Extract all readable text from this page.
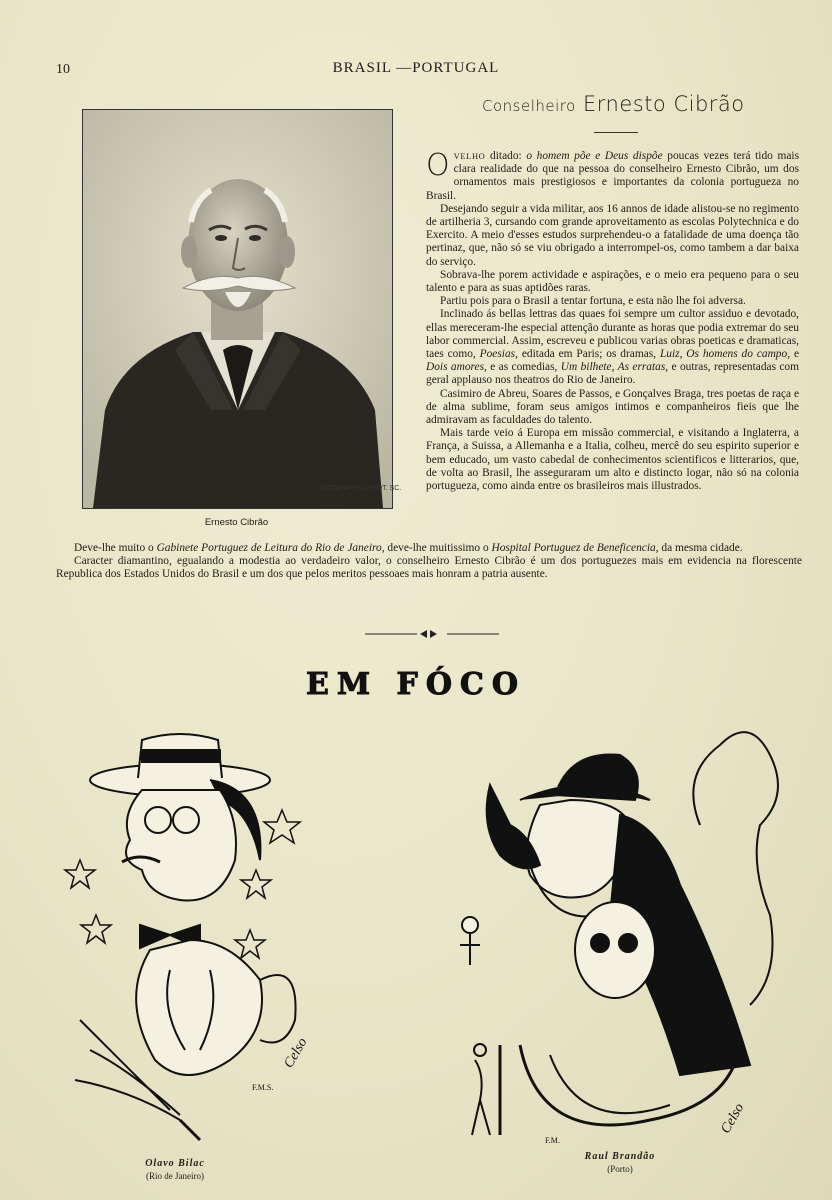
10	BRASIL —PORTUGAL
Conselheiro Ernesto Cibrão
MITTAPAPPIO PHOT. SC.
Ernesto Cibrão

OVELHO ditado: o homem põe e Deus dispõe poucas vezes terá tido mais clara realidade do que na pessoa do conselheiro Ernesto Cibrão, um dos ornamentos mais prestigiosos e importantes da colonia portugueza no Brasil.

Desejando seguir a vida militar, aos 16 annos de idade alistou-se no regimento de artilheria 3, cursando com grande aproveitamento as escolas Polytechnica e do Exercito. A meio d'esses estudos surprehendeu-o a fatalidade de uma doença tão pertinaz, que, não só se viu obrigado a interrompel-os, como tambem a dar baixa do serviço.

Sobrava-lhe porem actividade e aspirações, e o meio era pequeno para o seu talento e para as suas aptidões raras.

Partiu pois para o Brasil a tentar fortuna, e esta não lhe foi adversa.

Inclinado ás bellas lettras das quaes foi sempre um cultor assiduo e devotado, ellas mereceram-lhe especial attenção durante as horas que podia extremar do seu labor commercial. Assim, escreveu e publicou varias obras poeticas e dramaticas, taes como, Poesias, editada em Paris; os dramas, Luiz, Os homens do campo, e Dois amores, e as comedias, Um bilhete, As erratas, e outras, representadas com geral applauso nos theatros do Rio de Janeiro.

Casimiro de Abreu, Soares de Passos, e Gonçalves Braga, tres poetas de raça e de alma sublime, foram seus amigos intimos e companheiros fieis que lhe admiravam as faculdades do talento.

Mais tarde veio á Europa em missão commercial, e visitando a Inglaterra, a França, a Suissa, a Allemanha e a Italia, colheu, mercê do seu espirito superior e bem educado, um vasto cabedal de conhecimentos scientificos e litterarios, que, de volta ao Brasil, lhe asseguraram um alto e distincto logar, não só na colonia portugueza, como ainda entre os brasileiros mais illustrados.

Deve-lhe muito o Gabinete Portuguez de Leitura do Rio de Janeiro, deve-lhe muitissimo o Hospital Portuguez de Beneficencia, da mesma cidade.

Caracter diamantino, egualando a modestia ao verdadeiro valor, o conselheiro Ernesto Cibrão é um dos portuguezes mais em evidencia na florescente Republica dos Estados Unidos do Brasil e um dos que pelos meritos pessoaes mais honram a patria ausente.

EM FÓCO
Celso
F.M.S.
Olavo Bilac
(Rio de Janeiro)
Celso
F.M.
Raul Brandão
(Porto)
